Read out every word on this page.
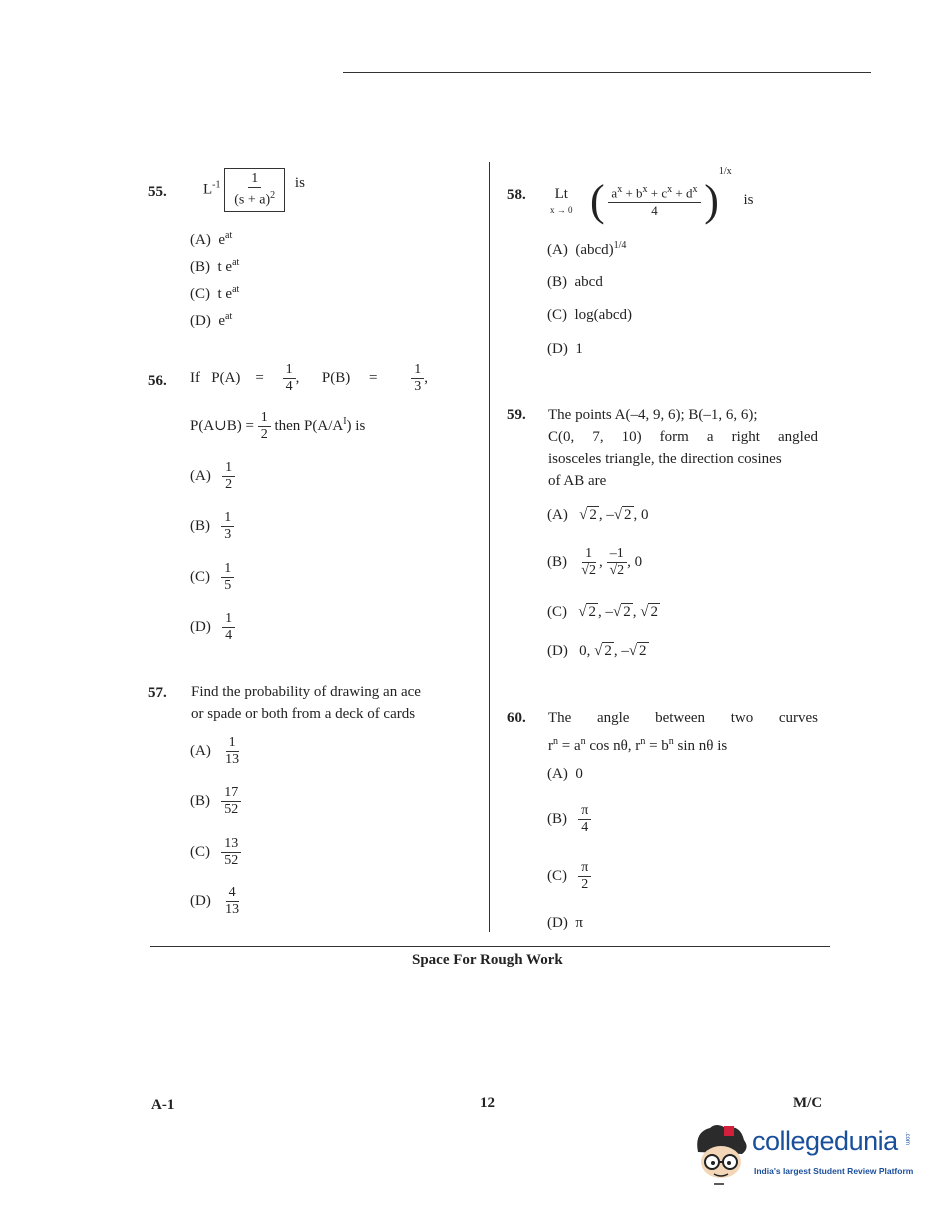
55. $L^{-1} \frac{1}{(s + a)^2}$ is
(A) $e^{at}$
(B) t $e^{at}$
(C) t $e^{at}$
(D) $e^{at}$
56. If $P(A) = \frac{1}{4}$ ,      $P(B) = \frac{1}{3}$ ,
P(A∪B) = $\frac{1}{2}$ then $P(A/A^I)$ is
$(A) \frac{1}{2}$
$(B) \frac{1}{3}$
$(C) \frac{1}{5}$
$(D) \frac{1}{4}$
57. Find the probability of drawing an ace
or spade or both from a deck of cards
$(A) \frac{1}{13}$
$(B) \frac{17}{52}$
$(C) \frac{13}{52}$
$(D) \frac{4}{13}$
58.	Lt
x → 0 ( $\frac{a^x + b^x + c^x + d^x}{4} )^{1/x}$ is
(A) (abcd)$^{1/4}$
(B) abcd
(C) log(abcd)
(D) 1
59. The points A(–4, 9, 6); B(–1, 6, 6);
C(0, 7, 10) form a right angled
isosceles triangle, the direction cosines
of AB are
(A) √ 2 , –√ 2 , 0
$(B) \frac{1}{√2}$ , $\frac{-1}{√2}$ , 0
(C) √ 2 , –√ 2 , √ 2
(D) 0, √ 2 , –√ 2
60. The angle between two curves
$r^n = a^n$ cos nθ, $r^n = b^n$ sin nθ is
(A) 0
$(B) \frac{\pi}{4}$
$(C) \frac{\pi}{2}$
(D) π
Space For Rough Work
A-1	12	M/C
collegedunia .com
India's largest Student Review Platform
